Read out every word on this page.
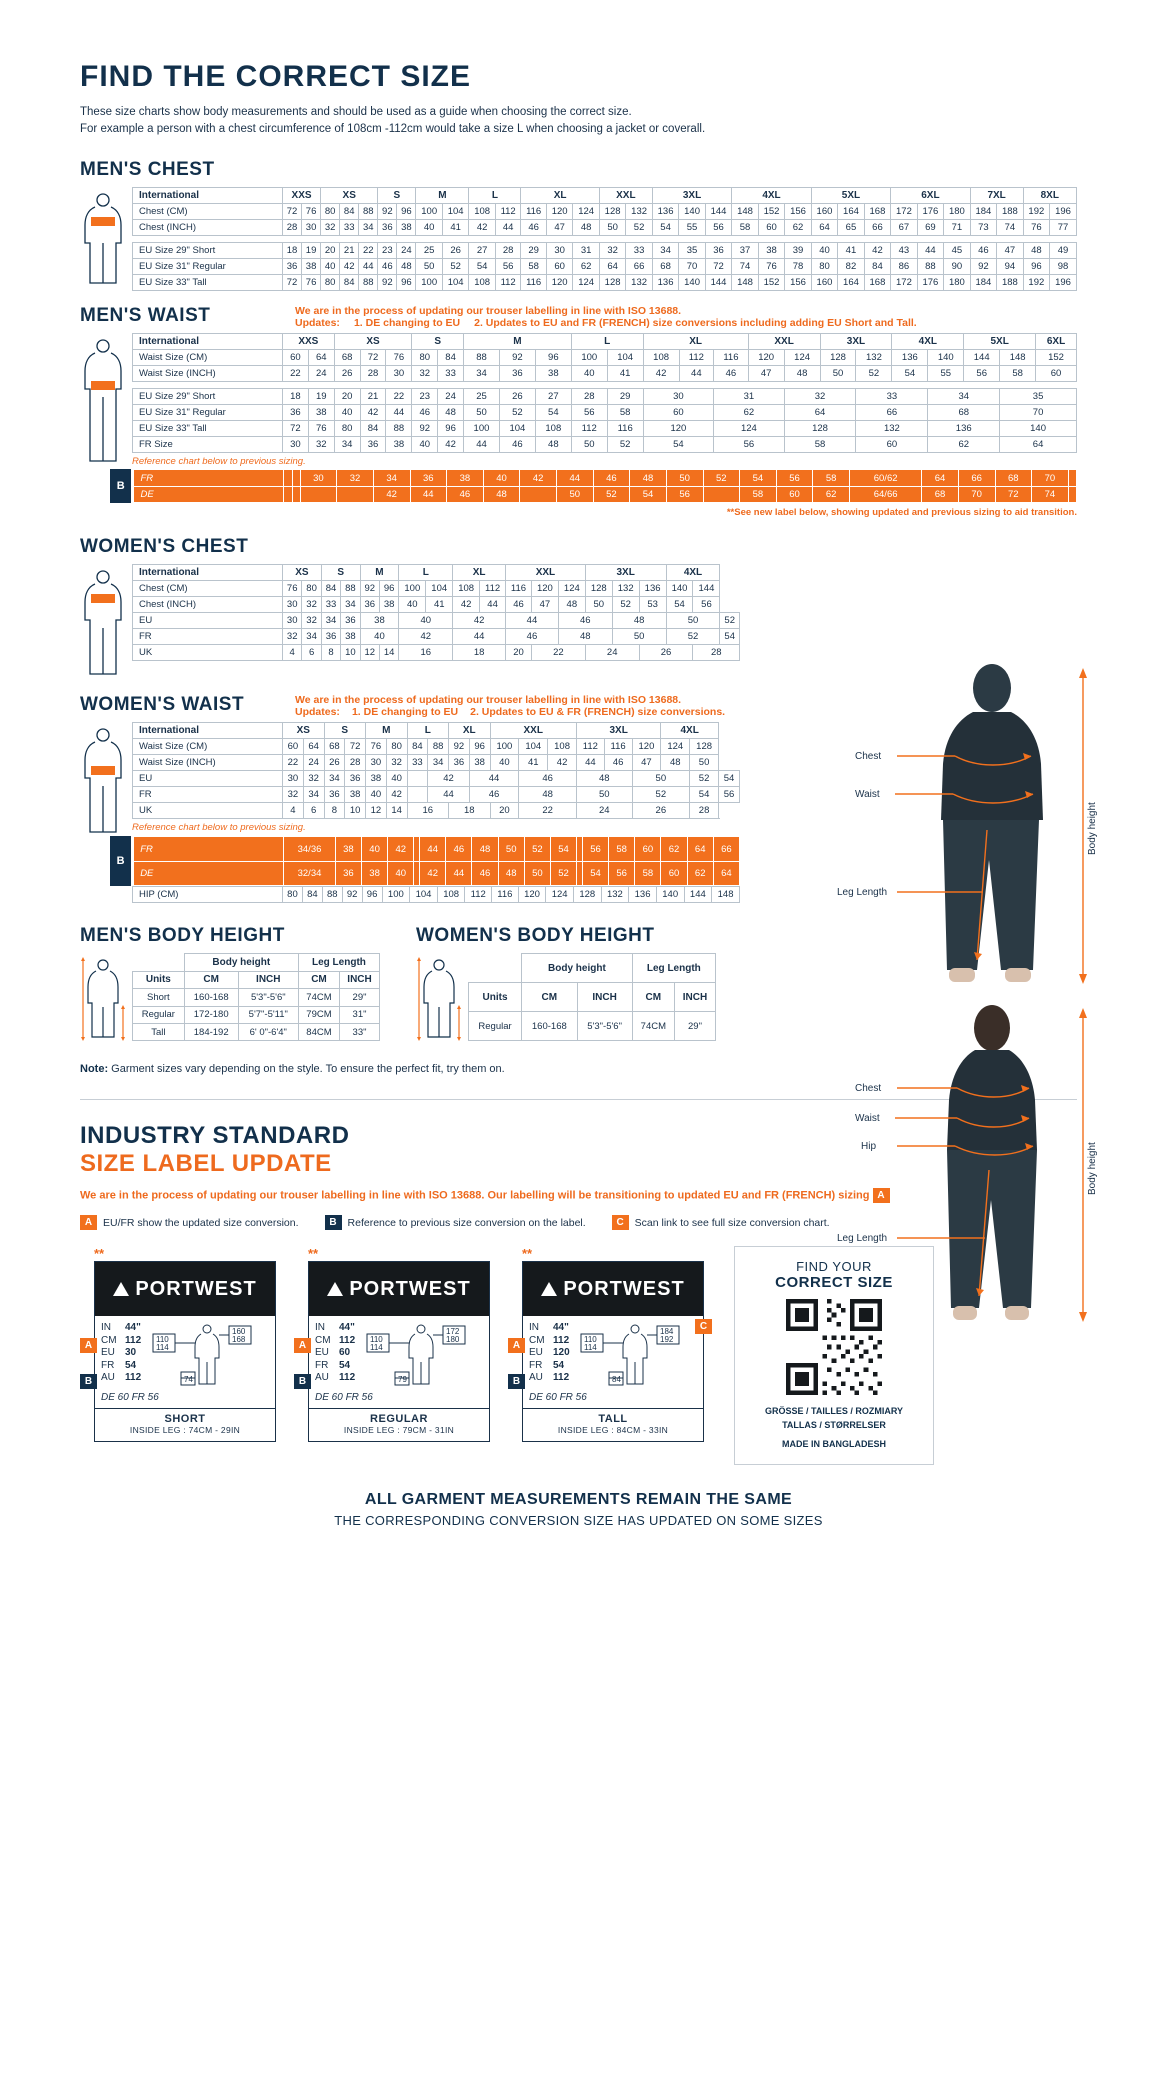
FIND THE CORRECT SIZE
These size charts show body measurements and should be used as a guide when choosing the correct size.
For example a person with a chest circumference of 108cm -112cm would take a size L when choosing a jacket or coverall.
MEN'S CHEST
International	XXS		XS			S		M		L		XL			XXL		3XL			4XL			5XL			6XL			7XL		8XL	
Chest (CM)	72	76	80	84	88	92	96	100	104	108	112	116	120	124	128	132	136	140	144	148	152	156	160	164	168	172	176	180	184	188	192	196
Chest (INCH)	28	30	32	33	34	36	38	40	41	42	44	46	47	48	50	52	54	55	56	58	60	62	64	65	66	67	69	71	73	74	76	77

EU Size 29" Short	18	19	20	21	22	23	24	25	26	27	28	29	30	31	32	33	34	35	36	37	38	39	40	41	42	43	44	45	46	47	48	49
EU Size 31" Regular	36	38	40	42	44	46	48	50	52	54	56	58	60	62	64	66	68	70	72	74	76	78	80	82	84	86	88	90	92	94	96	98
EU Size 33" Tall	72	76	80	84	88	92	96	100	104	108	112	116	120	124	128	132	136	140	144	148	152	156	160	164	168	172	176	180	184	188	192	196
MEN'S WAIST	We are in the process of updating our trouser labelling in line with ISO 13688.
Updates: 1. DE changing to EU 2. Updates to EU and FR (FRENCH) size conversions including adding EU Short and Tall.
International	XXS		XS			S		M			L		XL			XXL		3XL		4XL		5XL		6XL
Waist Size (CM)	60	64	68	72	76	80	84	88	92	96	100	104	108	112	116	120	124	128	132	136	140	144	148	152
Waist Size (INCH)	22	24	26	28	30	32	33	34	36	38	40	41	42	44	46	47	48	50	52	54	55	56	58	60

EU Size 29" Short	18	19	20	21	22	23	24	25	26	27	28	29	30		31		32		33		34		35	
EU Size 31" Regular	36	38	40	42	44	46	48	50	52	54	56	58	60		62		64		66		68		70	
EU Size 33" Tall	72	76	80	84	88	92	96	100	104	108	112	116	120		124		128		132		136		140	
FR Size	30	32	34	36	38	40	42	44	46	48	50	52	54		56		58		60		62		64	
Reference chart below to previous sizing.
B
FR			30	32	34	36	38	40	42	44	46	48	50	52	54	56	58	60/62	64	66	68	70	
DE					42	44	46	48		50	52	54	56		58	60	62	64/66	68	70	72	74	
**See new label below, showing updated and previous sizing to aid transition.
WOMEN'S CHEST
International	XS		S		M		L		XL		XXL			3XL			4XL		
Chest (CM)	76	80	84	88	92	96	100	104	108	112	116	120	124	128	132	136	140	144	
Chest (INCH)	30	32	33	34	36	38	40	41	42	44	46	47	48	50	52	53	54	56	
EU	30	32	34	36	38		40		42		44		46		48		50		52
FR	32	34	36	38	40		42		44		46		48		50		52		54
UK	4	6	8	10	12	14	16		18		20	22		24		26		28	
WOMEN'S WAIST	We are in the process of updating our trouser labelling in line with ISO 13688.
Updates: 1. DE changing to EU 2. Updates to EU & FR (FRENCH) size conversions.
International	XS		S		M		L		XL		XXL			3XL			4XL		
Waist Size (CM)	60	64	68	72	76	80	84	88	92	96	100	104	108	112	116	120	124	128	
Waist Size (INCH)	22	24	26	28	30	32	33	34	36	38	40	41	42	44	46	47	48	50	
EU	30	32	34	36	38	40		42		44		46		48		50		52	54
FR	32	34	36	38	40	42		44		46		48		50		52		54	56
UK	4	6	8	10	12	14	16		18		20	22		24		26		28	
Reference chart below to previous sizing.
B
FR	34/36	38	40	42		44	46	48	50	52	54		56	58	60	62	64	66
DE	32/34	36	38	40		42	44	46	48	50	52		54	56	58	60	62	64
HIP (CM)	80	84	88	92	96	100	104	108	112	116	120	124	128	132	136	140	144	148
MEN'S BODY HEIGHT
	Body height		Leg Length	
Units	CM	INCH	CM	INCH
Short	160-168	5'3"-5'6"	74CM	29"
Regular	172-180	5'7"-5'11"	79CM	31"
Tall	184-192	6' 0"-6'4"	84CM	33"
WOMEN'S BODY HEIGHT
	Body height		Leg Length	
Units	CM	INCH	CM	INCH
Regular	160-168	5'3"-5'6"	74CM	29"
Chest
Waist
Leg Length
Body height
Chest
Waist
Hip
Leg Length
Body height
Note: Garment sizes vary depending on the style. To ensure the perfect fit, try them on.
INDUSTRY STANDARD
SIZE LABEL UPDATE
We are in the process of updating our trouser labelling in line with ISO 13688. Our labelling will be transitioning to updated EU and FR (FRENCH) sizing A
A	EU/FR show the updated size conversion.	B	Reference to previous size conversion on the label.	C	Scan link to see full size conversion chart.
**
PORTWEST
IN 44"
CM 112
EU 30
FR 54
AU 112
110
114
160
168
74
DE 60 FR 56
SHORT
INSIDE LEG : 74CM - 29IN
A
B
**
PORTWEST
IN 44"
CM 112
EU 60
FR 54
AU 112
110
114
172
180
79
DE 60 FR 56
REGULAR
INSIDE LEG : 79CM - 31IN
A
B
**
PORTWEST
IN 44"
CM 112
EU 120
FR 54
AU 112
110
114
184
192
84
DE 60 FR 56
TALL
INSIDE LEG : 84CM - 33IN
A
B
FIND YOUR
CORRECT SIZE
GRÖSSE / TAILLES / ROZMIARY
TALLAS / STØRRELSER
MADE IN BANGLADESH
C
ALL GARMENT MEASUREMENTS REMAIN THE SAME
THE CORRESPONDING CONVERSION SIZE HAS UPDATED ON SOME SIZES
